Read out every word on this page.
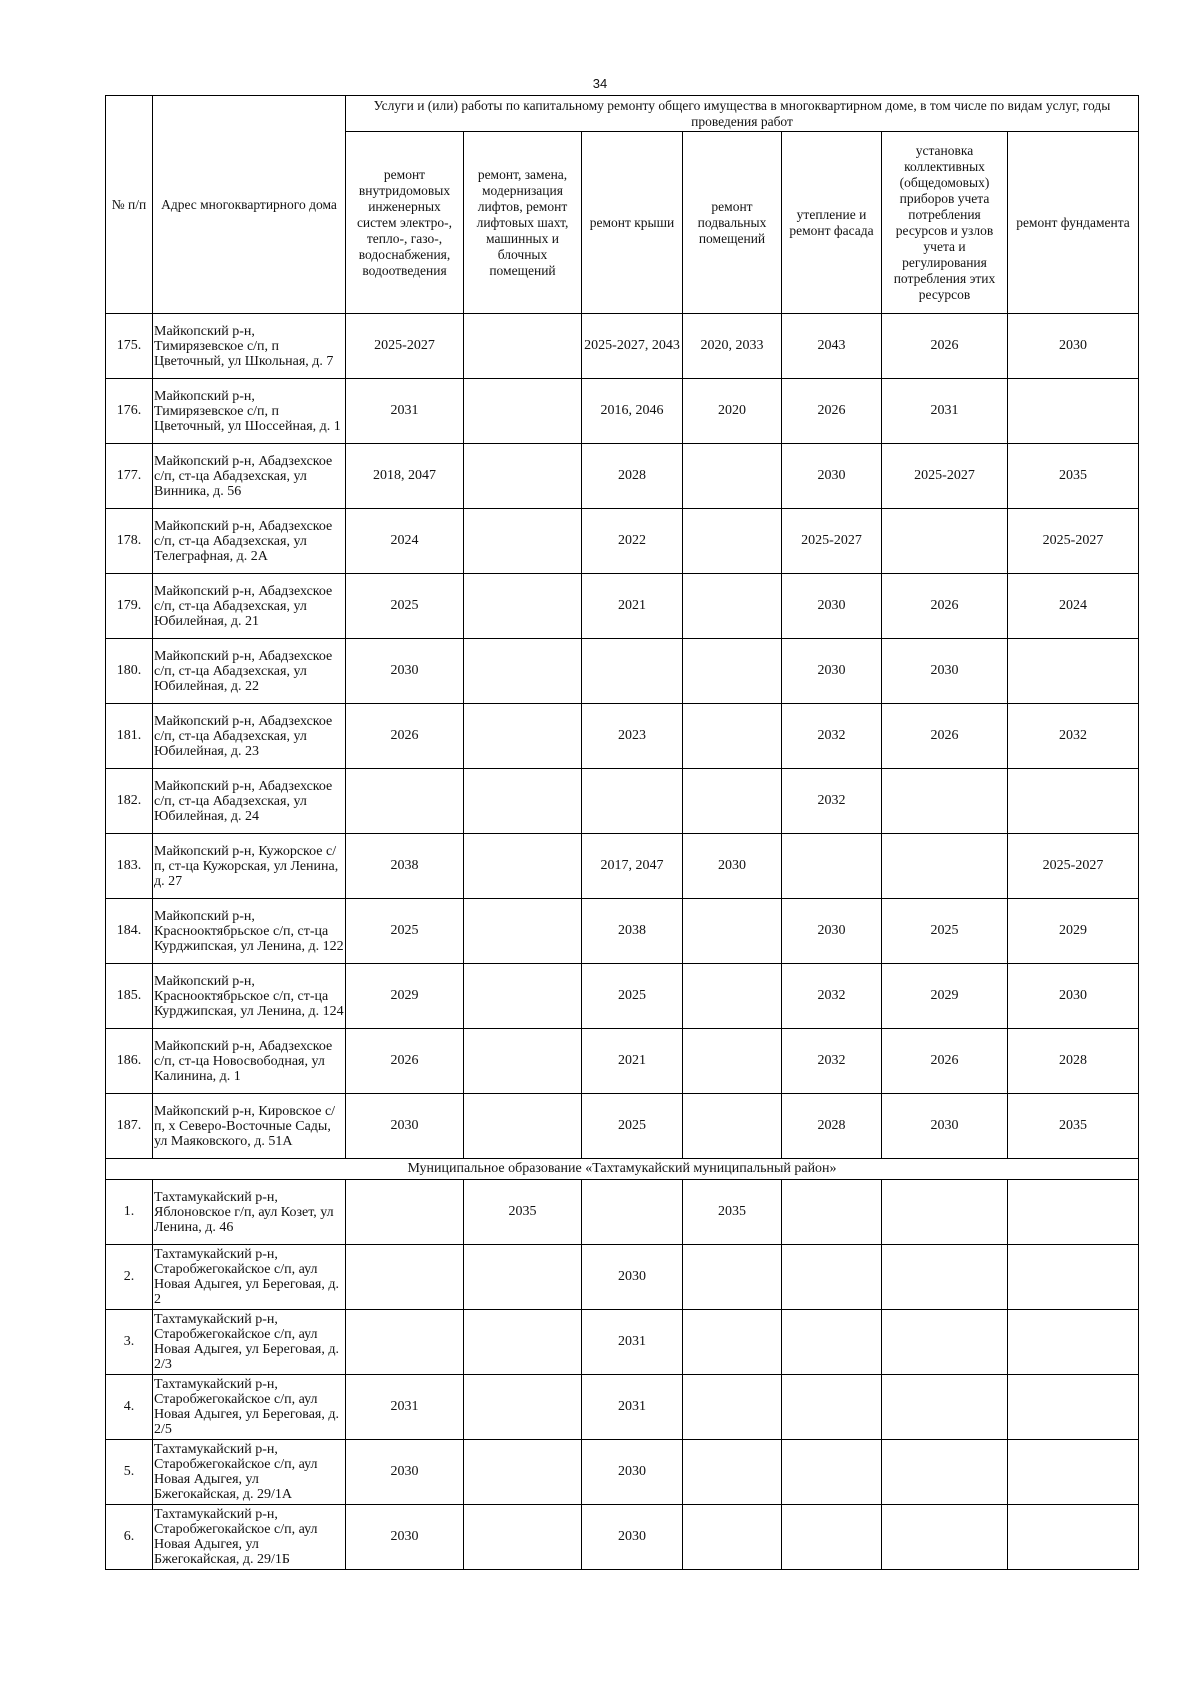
34
№ п/п	Адрес многоквартирного дома	Услуги и (или) работы по капитальному ремонту общего имущества в многоквартирном доме, в том числе по видам услуг, годы проведения работ						
		ремонт внутридомовых инженерных систем электро-, тепло-, газо-, водоснабжения, водоотведения	ремонт, замена, модернизация лифтов, ремонт лифтовых шахт, машинных и блочных помещений	ремонт крыши	ремонт подвальных помещений	утепление и ремонт фасада	установка коллективных (общедомовых) приборов учета потребления ресурсов и узлов учета и регулирования потребления этих ресурсов	ремонт фундамента
175.	Майкопский р-н, Тимирязевское с/п, п Цветочный, ул Школьная, д. 7	2025-2027		2025-2027, 2043	2020, 2033	2043	2026	2030
176.	Майкопский р-н, Тимирязевское с/п, п Цветочный, ул Шоссейная, д. 1	2031		2016, 2046	2020	2026	2031	
177.	Майкопский р-н, Абадзехское с/п, ст-ца Абадзехская, ул Винника, д. 56	2018, 2047		2028		2030	2025-2027	2035
178.	Майкопский р-н, Абадзехское с/п, ст-ца Абадзехская, ул Телеграфная, д. 2А	2024		2022		2025-2027		2025-2027
179.	Майкопский р-н, Абадзехское с/п, ст-ца Абадзехская, ул Юбилейная, д. 21	2025		2021		2030	2026	2024
180.	Майкопский р-н, Абадзехское с/п, ст-ца Абадзехская, ул Юбилейная, д. 22	2030				2030	2030	
181.	Майкопский р-н, Абадзехское с/п, ст-ца Абадзехская, ул Юбилейная, д. 23	2026		2023		2032	2026	2032
182.	Майкопский р-н, Абадзехское с/п, ст-ца Абадзехская, ул Юбилейная, д. 24					2032		
183.	Майкопский р-н, Кужорское с/п, ст-ца Кужорская, ул Ленина, д. 27	2038		2017, 2047	2030			2025-2027
184.	Майкопский р-н, Краснооктябрьское с/п, ст-ца Курджипская, ул Ленина, д. 122	2025		2038		2030	2025	2029
185.	Майкопский р-н, Краснооктябрьское с/п, ст-ца Курджипская, ул Ленина, д. 124	2029		2025		2032	2029	2030
186.	Майкопский р-н, Абадзехское с/п, ст-ца Новосвободная, ул Калинина, д. 1	2026		2021		2032	2026	2028
187.	Майкопский р-н, Кировское с/п, х Северо-Восточные Сады, ул Маяковского, д. 51А	2030		2025		2028	2030	2035
Муниципальное образование «Тахтамукайский муниципальный район»								
1.	Тахтамукайский р-н, Яблоновское г/п, аул Козет, ул Ленина, д. 46		2035		2035			
2.	Тахтамукайский р-н, Старобжегокайское с/п, аул Новая Адыгея, ул Береговая, д. 2			2030				
3.	Тахтамукайский р-н, Старобжегокайское с/п, аул Новая Адыгея, ул Береговая, д. 2/3			2031				
4.	Тахтамукайский р-н, Старобжегокайское с/п, аул Новая Адыгея, ул Береговая, д. 2/5	2031		2031				
5.	Тахтамукайский р-н, Старобжегокайское с/п, аул Новая Адыгея, ул Бжегокайская, д. 29/1А	2030		2030				
6.	Тахтамукайский р-н, Старобжегокайское с/п, аул Новая Адыгея, ул Бжегокайская, д. 29/1Б	2030		2030				
